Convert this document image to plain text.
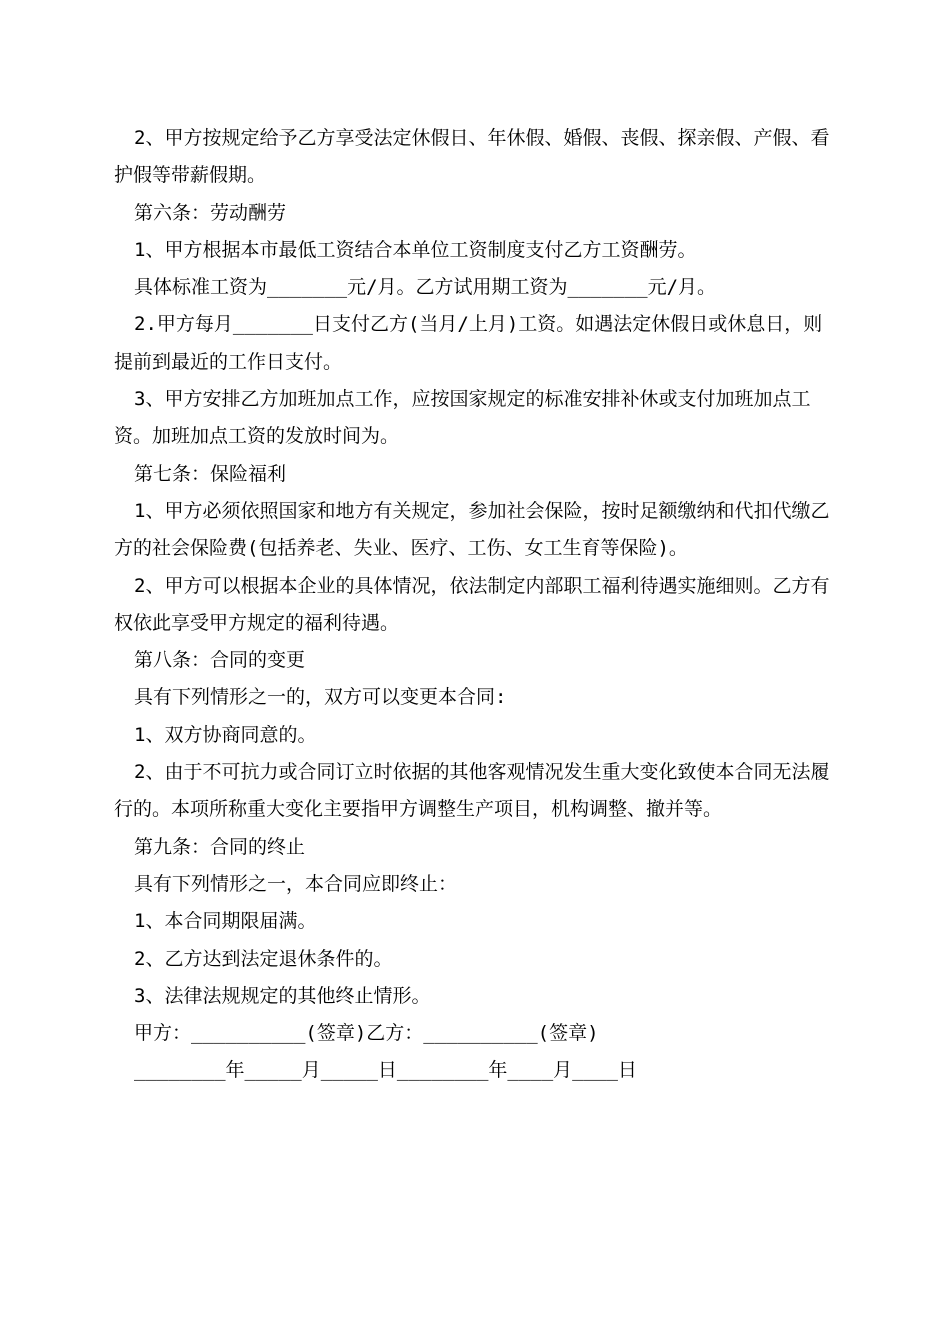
2、甲方按规定给予乙方享受法定休假日、年休假、婚假、丧假、探亲假、产假、看护假等带薪假期。

第六条：劳动酬劳

1、甲方根据本市最低工资结合本单位工资制度支付乙方工资酬劳。

具体标准工资为_______元/月。乙方试用期工资为_______元/月。

2.甲方每月_______日支付乙方(当月/上月)工资。如遇法定休假日或休息日，则提前到最近的工作日支付。

3、甲方安排乙方加班加点工作，应按国家规定的标准安排补休或支付加班加点工资。加班加点工资的发放时间为。

第七条：保险福利

1、甲方必须依照国家和地方有关规定，参加社会保险，按时足额缴纳和代扣代缴乙方的社会保险费(包括养老、失业、医疗、工伤、女工生育等保险)。

2、甲方可以根据本企业的具体情况，依法制定内部职工福利待遇实施细则。乙方有权依此享受甲方规定的福利待遇。

第八条：合同的变更

具有下列情形之一的，双方可以变更本合同:

1、双方协商同意的。

2、由于不可抗力或合同订立时依据的其他客观情况发生重大变化致使本合同无法履行的。本项所称重大变化主要指甲方调整生产项目，机构调整、撤并等。

第九条：合同的终止

具有下列情形之一，本合同应即终止：

1、本合同期限届满。

2、乙方达到法定退休条件的。

3、法律法规规定的其他终止情形。

甲方：__________(签章)乙方：__________(签章)

________年_____月_____日________年____月____日
